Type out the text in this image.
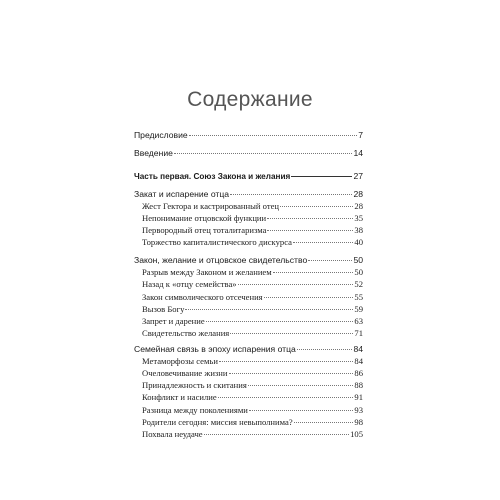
Содержание
Предисловие	7
Введение	14
Часть первая. Союз Закона и желания	27
Закат и испарение отца	28
Жест Гектора и кастрированный отец	28
Непонимание отцовской функции	35
Первородный отец тоталитаризма	38
Торжество капиталистического дискурса	40
Закон, желание и отцовское свидетельство	50
Разрыв между Законом и желанием	50
Назад к «отцу семейства»	52
Закон символического отсечения	55
Вызов Богу	59
Запрет и дарение	63
Свидетельство желания	71
Семейная связь в эпоху испарения отца	84
Метаморфозы семьи	84
Очеловечивание жизни	86
Принадлежность и скитания	88
Конфликт и насилие	91
Разница между поколениями	93
Родители сегодня: миссия невыполнима?	98
Похвала неудаче	105
